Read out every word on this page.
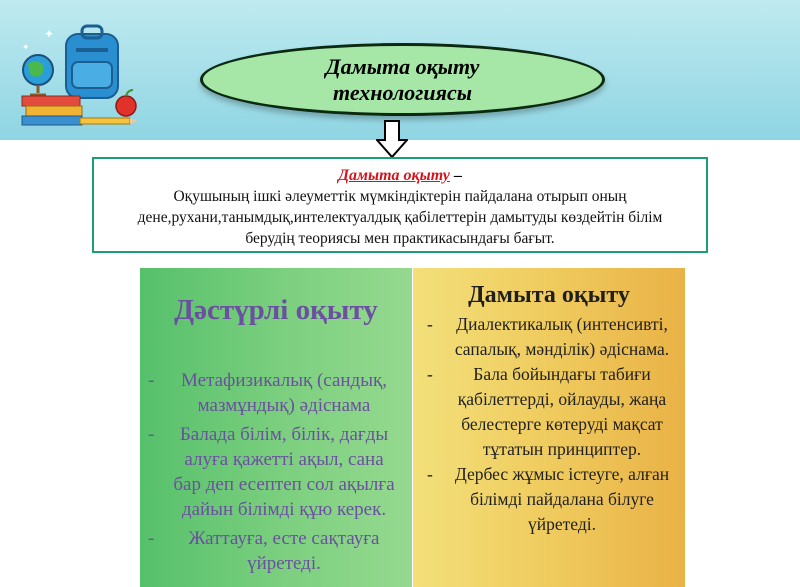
✦
✦
Дамыта оқыту
технологиясы
Дамыта оқыту –
Оқушының ішкі әлеуметтік мүмкіндіктерін пайдалана отырып оның дене,рухани,танымдық,интелектуалдық қабілеттерін дамытуды көздейтін білім берудің теориясы мен практикасындағы бағыт.
Дәстүрлі оқыту
- Метафизикалық (сандық, мазмұндық) әдіснама
- Балада білім, білік, дағды алуға қажетті ақыл, сана бар деп есептеп сол ақылға дайын білімді құю керек.
- Жаттауға, есте сақтауға үйретеді.
Дамыта оқыту
- Диалектикалық (интенсивті, сапалық, мәнділік) әдіснама.
- Бала бойындағы табиғи қабілеттерді, ойлауды, жаңа белестерге көтеруді мақсат тұтатын принциптер.
- Дербес жұмыс істеуге, алған білімді пайдалана білуге үйретеді.
